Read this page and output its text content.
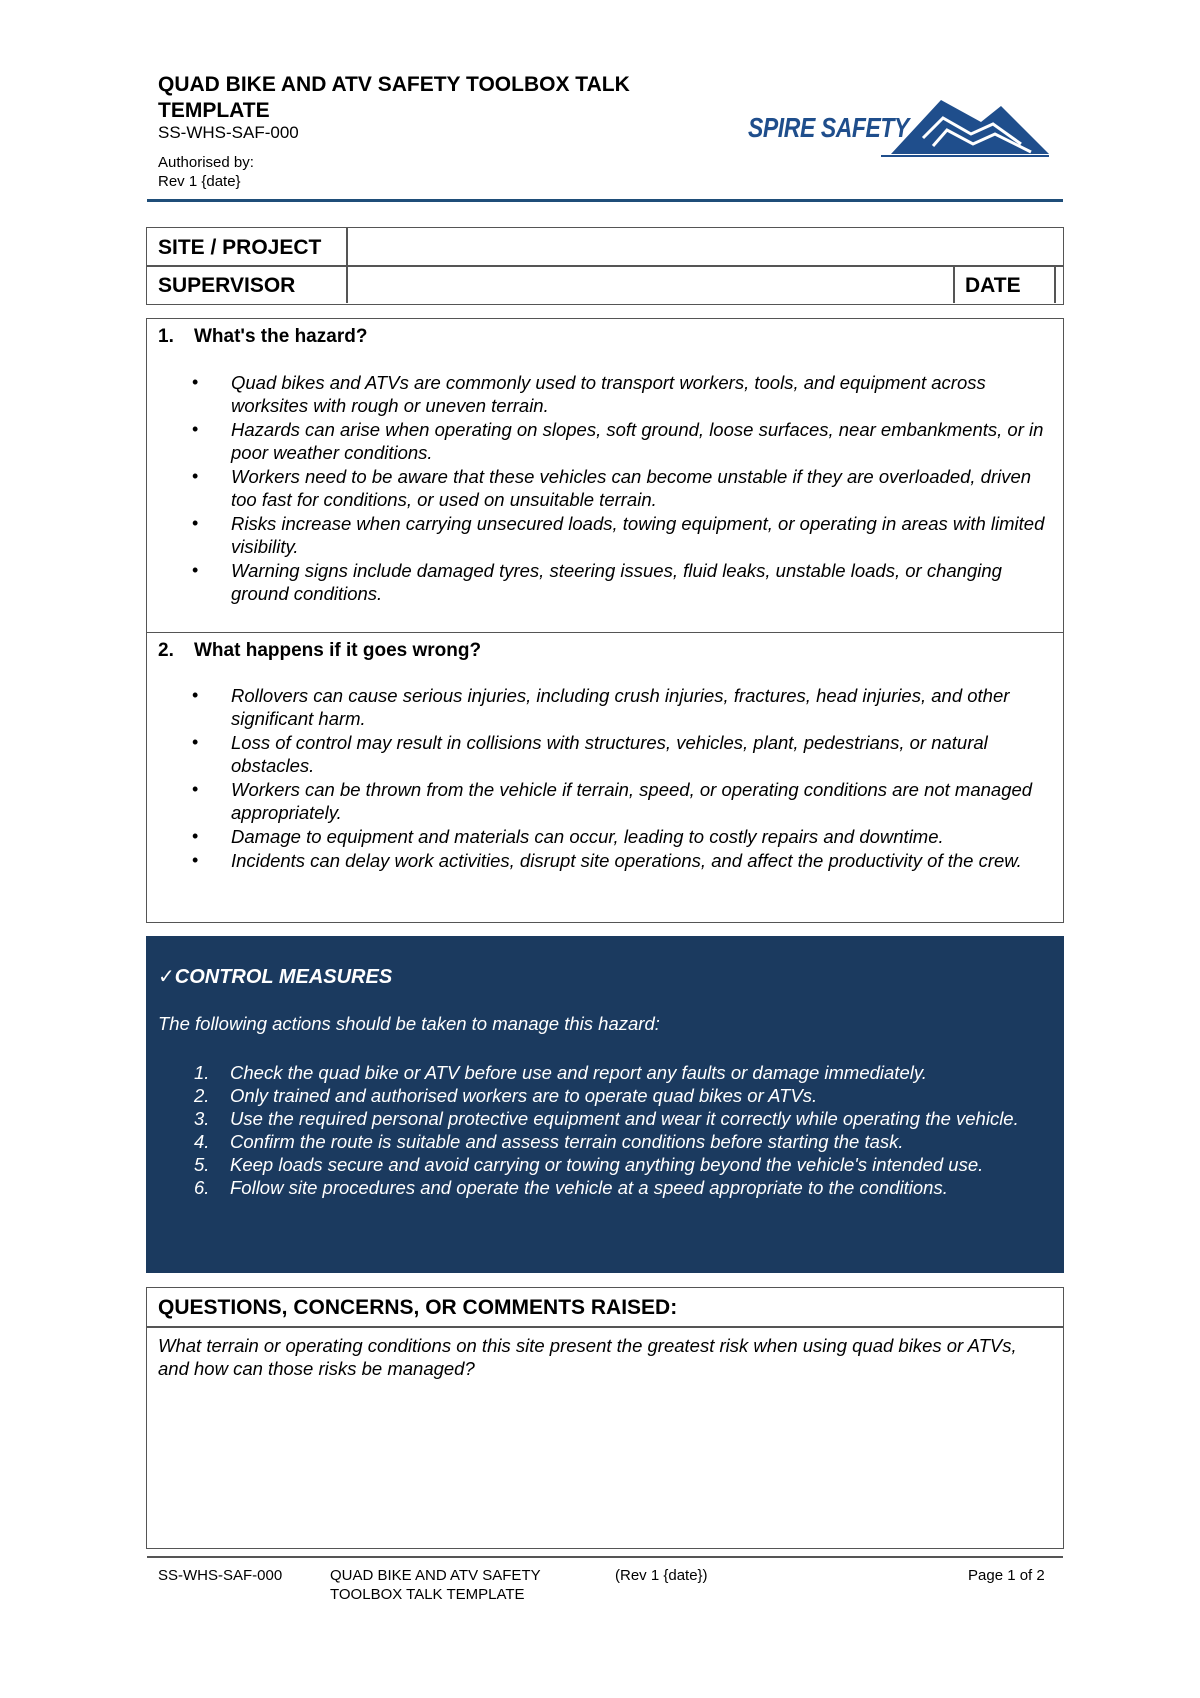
QUAD BIKE AND ATV SAFETY TOOLBOX TALK TEMPLATE
SS-WHS-SAF-000
Authorised by:
Rev 1 {date}
SPIRE SAFETY
SITE / PROJECT
SUPERVISOR	DATE
1. What's the hazard?
• Quad bikes and ATVs are commonly used to transport workers, tools, and equipment across worksites with rough or uneven terrain.
• Hazards can arise when operating on slopes, soft ground, loose surfaces, near embankments, or in poor weather conditions.
• Workers need to be aware that these vehicles can become unstable if they are overloaded, driven too fast for conditions, or used on unsuitable terrain.
• Risks increase when carrying unsecured loads, towing equipment, or operating in areas with limited visibility.
• Warning signs include damaged tyres, steering issues, fluid leaks, unstable loads, or changing ground conditions.
2. What happens if it goes wrong?
• Rollovers can cause serious injuries, including crush injuries, fractures, head injuries, and other significant harm.
• Loss of control may result in collisions with structures, vehicles, plant, pedestrians, or natural obstacles.
• Workers can be thrown from the vehicle if terrain, speed, or operating conditions are not managed appropriately.
• Damage to equipment and materials can occur, leading to costly repairs and downtime.
• Incidents can delay work activities, disrupt site operations, and affect the productivity of the crew.
✓CONTROL MEASURES
The following actions should be taken to manage this hazard:
1. Check the quad bike or ATV before use and report any faults or damage immediately.
2. Only trained and authorised workers are to operate quad bikes or ATVs.
3. Use the required personal protective equipment and wear it correctly while operating the vehicle.
4. Confirm the route is suitable and assess terrain conditions before starting the task.
5. Keep loads secure and avoid carrying or towing anything beyond the vehicle's intended use.
6. Follow site procedures and operate the vehicle at a speed appropriate to the conditions.
QUESTIONS, CONCERNS, OR COMMENTS RAISED:
What terrain or operating conditions on this site present the greatest risk when using quad bikes or ATVs, and how can those risks be managed?
SS-WHS-SAF-000	QUAD BIKE AND ATV SAFETY
TOOLBOX TALK TEMPLATE
(Rev 1 {date})	Page 1 of 2
